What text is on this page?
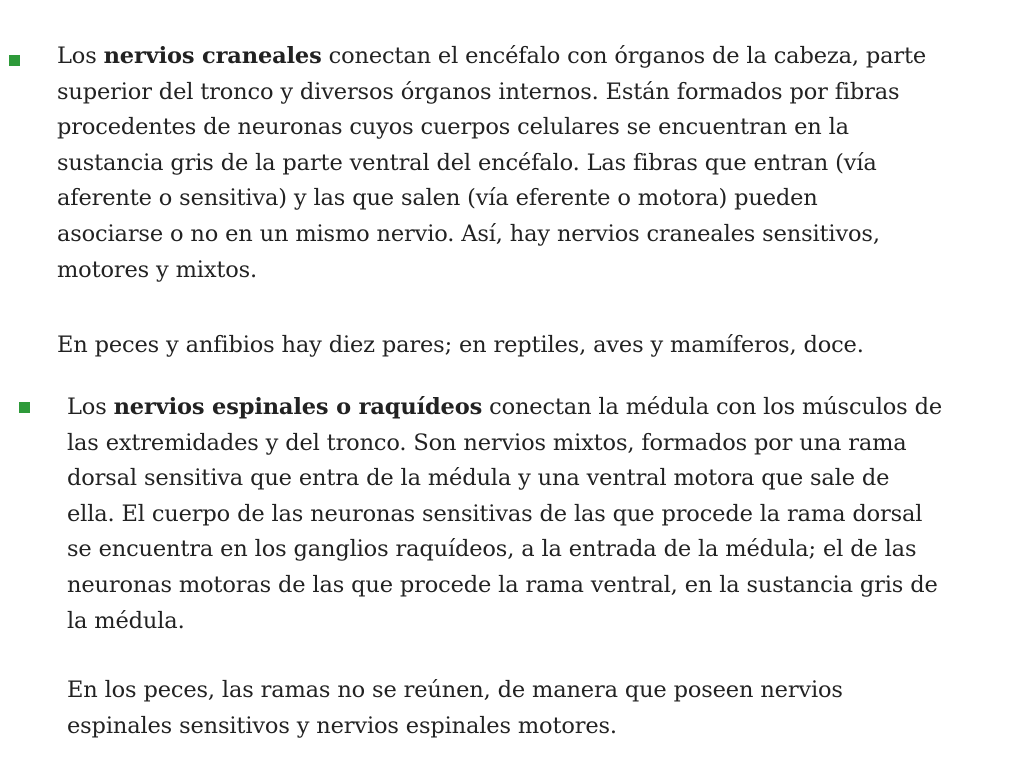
Los nervios craneales conectan el encéfalo con órganos de la cabeza, parte
superior del tronco y diversos órganos internos. Están formados por fibras
procedentes de neuronas cuyos cuerpos celulares se encuentran en la
sustancia gris de la parte ventral del encéfalo. Las fibras que entran (vía
aferente o sensitiva) y las que salen (vía eferente o motora) pueden
asociarse o no en un mismo nervio. Así, hay nervios craneales sensitivos,
motores y mixtos.

En peces y anfibios hay diez pares; en reptiles, aves y mamíferos, doce.

Los nervios espinales o raquídeos conectan la médula con los músculos de
las extremidades y del tronco. Son nervios mixtos, formados por una rama
dorsal sensitiva que entra de la médula y una ventral motora que sale de
ella. El cuerpo de las neuronas sensitivas de las que procede la rama dorsal
se encuentra en los ganglios raquídeos, a la entrada de la médula; el de las
neuronas motoras de las que procede la rama ventral, en la sustancia gris de
la médula.

En los peces, las ramas no se reúnen, de manera que poseen nervios
espinales sensitivos y nervios espinales motores.
